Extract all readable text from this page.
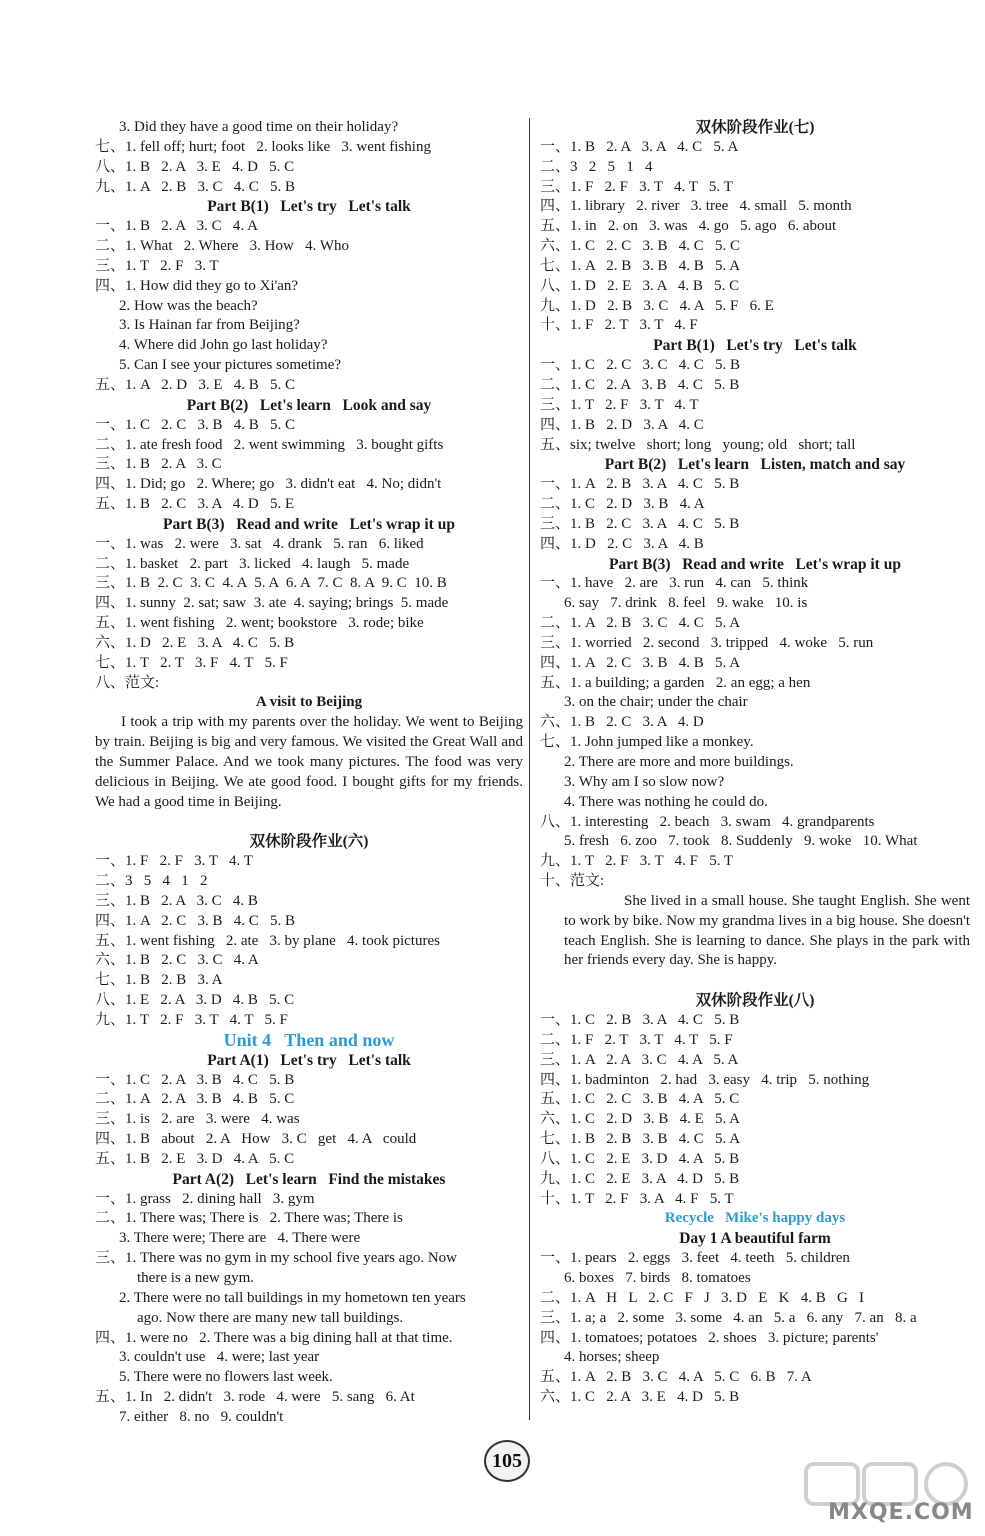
3. Did they have a good time on their holiday?
七、1. fell off; hurt; foot   2. looks like   3. went fishing
八、1. B   2. A   3. E   4. D   5. C
九、1. A   2. B   3. C   4. C   5. B
Part B(1)   Let's try   Let's talk
一、1. B   2. A   3. C   4. A
二、1. What   2. Where   3. How   4. Who
三、1. T   2. F   3. T
四、1. How did they go to Xi'an?
2. How was the beach?
3. Is Hainan far from Beijing?
4. Where did John go last holiday?
5. Can I see your pictures sometime?
五、1. A   2. D   3. E   4. B   5. C
Part B(2)   Let's learn   Look and say
一、1. C   2. C   3. B   4. B   5. C
二、1. ate fresh food   2. went swimming   3. bought gifts
三、1. B   2. A   3. C
四、1. Did; go   2. Where; go   3. didn't eat   4. No; didn't
五、1. B   2. C   3. A   4. D   5. E
Part B(3)   Read and write   Let's wrap it up
一、1. was   2. were   3. sat   4. drank   5. ran   6. liked
二、1. basket   2. part   3. licked   4. laugh   5. made
三、1. B  2. C  3. C  4. A  5. A  6. A  7. C  8. A  9. C  10. B
四、1. sunny  2. sat; saw  3. ate  4. saying; brings  5. made
五、1. went fishing   2. went; bookstore   3. rode; bike
六、1. D   2. E   3. A   4. C   5. B
七、1. T   2. T   3. F   4. T   5. F
八、范文:
A visit to Beijing
I took a trip with my parents over the holiday. We went to Beijing by train. Beijing is big and very famous. We visited the Great Wall and the Summer Palace. And we took many pictures. The food was very delicious in Beijing. We ate good food. I bought gifts for my friends. We had a good time in Beijing.
双休阶段作业(六)
一、1. F   2. F   3. T   4. T
二、3   5   4   1   2
三、1. B   2. A   3. C   4. B
四、1. A   2. C   3. B   4. C   5. B
五、1. went fishing   2. ate   3. by plane   4. took pictures
六、1. B   2. C   3. C   4. A
七、1. B   2. B   3. A
八、1. E   2. A   3. D   4. B   5. C
九、1. T   2. F   3. T   4. T   5. F
Unit 4   Then and now
Part A(1)   Let's try   Let's talk
一、1. C   2. A   3. B   4. C   5. B
二、1. A   2. A   3. B   4. B   5. C
三、1. is   2. are   3. were   4. was
四、1. B   about   2. A   How   3. C   get   4. A   could
五、1. B   2. E   3. D   4. A   5. C
Part A(2)   Let's learn   Find the mistakes
一、1. grass   2. dining hall   3. gym
二、1. There was; There is   2. There was; There is
3. There were; There are   4. There were
三、1. There was no gym in my school five years ago. Now
there is a new gym.
2. There were no tall buildings in my hometown ten years
ago. Now there are many new tall buildings.
四、1. were no   2. There was a big dining hall at that time.
3. couldn't use   4. were; last year
5. There were no flowers last week.
五、1. In   2. didn't   3. rode   4. were   5. sang   6. At
7. either   8. no   9. couldn't
双休阶段作业(七)
一、1. B   2. A   3. A   4. C   5. A
二、3   2   5   1   4
三、1. F   2. F   3. T   4. T   5. T
四、1. library   2. river   3. tree   4. small   5. month
五、1. in   2. on   3. was   4. go   5. ago   6. about
六、1. C   2. C   3. B   4. C   5. C
七、1. A   2. B   3. B   4. B   5. A
八、1. D   2. E   3. A   4. B   5. C
九、1. D   2. B   3. C   4. A   5. F   6. E
十、1. F   2. T   3. T   4. F
Part B(1)   Let's try   Let's talk
一、1. C   2. C   3. C   4. C   5. B
二、1. C   2. A   3. B   4. C   5. B
三、1. T   2. F   3. T   4. T
四、1. B   2. D   3. A   4. C
五、six; twelve   short; long   young; old   short; tall
Part B(2)   Let's learn   Listen, match and say
一、1. A   2. B   3. A   4. C   5. B
二、1. C   2. D   3. B   4. A
三、1. B   2. C   3. A   4. C   5. B
四、1. D   2. C   3. A   4. B
Part B(3)   Read and write   Let's wrap it up
一、1. have   2. are   3. run   4. can   5. think
6. say   7. drink   8. feel   9. wake   10. is
二、1. A   2. B   3. C   4. C   5. A
三、1. worried   2. second   3. tripped   4. woke   5. run
四、1. A   2. C   3. B   4. B   5. A
五、1. a building; a garden   2. an egg; a hen
3. on the chair; under the chair
六、1. B   2. C   3. A   4. D
七、1. John jumped like a monkey.
2. There are more and more buildings.
3. Why am I so slow now?
4. There was nothing he could do.
八、1. interesting   2. beach   3. swam   4. grandparents
5. fresh   6. zoo   7. took   8. Suddenly   9. woke   10. What
九、1. T   2. F   3. T   4. F   5. T
十、范文:
She lived in a small house. She taught English. She went to work by bike. Now my grandma lives in a big house. She doesn't teach English. She is learning to dance. She plays in the park with her friends every day. She is happy.
双休阶段作业(八)
一、1. C   2. B   3. A   4. C   5. B
二、1. F   2. T   3. T   4. T   5. F
三、1. A   2. A   3. C   4. A   5. A
四、1. badminton   2. had   3. easy   4. trip   5. nothing
五、1. C   2. C   3. B   4. A   5. C
六、1. C   2. D   3. B   4. E   5. A
七、1. B   2. B   3. B   4. C   5. A
八、1. C   2. E   3. D   4. A   5. B
九、1. C   2. E   3. A   4. D   5. B
十、1. T   2. F   3. A   4. F   5. T
Recycle   Mike's happy days
Day 1 A beautiful farm
一、1. pears   2. eggs   3. feet   4. teeth   5. children
6. boxes   7. birds   8. tomatoes
二、1. A   H   L   2. C   F   J   3. D   E   K   4. B   G   I
三、1. a; a   2. some   3. some   4. an   5. a   6. any   7. an   8. a
四、1. tomatoes; potatoes   2. shoes   3. picture; parents'
4. horses; sheep
五、1. A   2. B   3. C   4. A   5. C   6. B   7. A
六、1. C   2. A   3. E   4. D   5. B
105
MXQE.COM
